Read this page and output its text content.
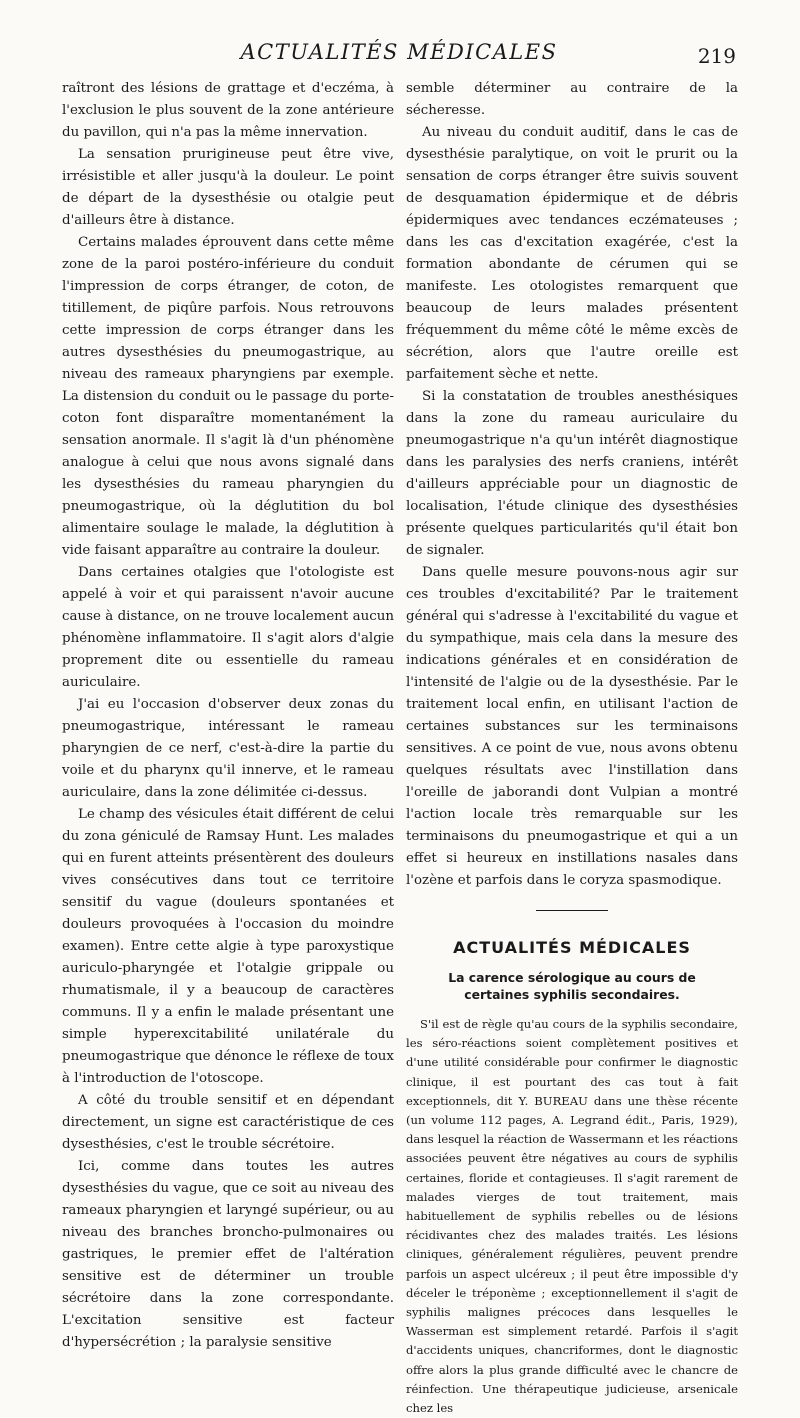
ACTUALITÉS MÉDICALES	219

raîtront des lésions de grattage et d'eczéma, à l'exclusion le plus souvent de la zone antérieure du pavillon, qui n'a pas la même innervation.

La sensation prurigineuse peut être vive, irrésistible et aller jusqu'à la douleur. Le point de départ de la dysesthésie ou otalgie peut d'ailleurs être à distance.

Certains malades éprouvent dans cette même zone de la paroi postéro-inférieure du conduit l'impression de corps étranger, de coton, de titillement, de piqûre parfois. Nous retrouvons cette impression de corps étranger dans les autres dysesthésies du pneumogastrique, au niveau des rameaux pharyngiens par exemple. La distension du conduit ou le passage du porte-coton font disparaître momentanément la sensation anormale. Il s'agit là d'un phénomène analogue à celui que nous avons signalé dans les dysesthésies du rameau pharyngien du pneumogastrique, où la déglutition du bol alimentaire soulage le malade, la déglutition à vide faisant apparaître au contraire la douleur.

Dans certaines otalgies que l'otologiste est appelé à voir et qui paraissent n'avoir aucune cause à distance, on ne trouve localement aucun phénomène inflammatoire. Il s'agit alors d'algie proprement dite ou essentielle du rameau auriculaire.

J'ai eu l'occasion d'observer deux zonas du pneumogastrique, intéressant le rameau pharyngien de ce nerf, c'est-à-dire la partie du voile et du pharynx qu'il innerve, et le rameau auriculaire, dans la zone délimitée ci-dessus.

Le champ des vésicules était différent de celui du zona géniculé de Ramsay Hunt. Les malades qui en furent atteints présentèrent des douleurs vives consécutives dans tout ce territoire sensitif du vague (douleurs spontanées et douleurs provoquées à l'occasion du moindre examen). Entre cette algie à type paroxystique auriculo-pharyngée et l'otalgie grippale ou rhumatismale, il y a beaucoup de caractères communs. Il y a enfin le malade présentant une simple hyperexcitabilité unilatérale du pneumogastrique que dénonce le réflexe de toux à l'introduction de l'otoscope.

A côté du trouble sensitif et en dépendant directement, un signe est caractéristique de ces dysesthésies, c'est le trouble sécrétoire.

Ici, comme dans toutes les autres dysesthésies du vague, que ce soit au niveau des rameaux pharyngien et laryngé supérieur, ou au niveau des branches broncho-pulmonaires ou gastriques, le premier effet de l'altération sensitive est de déterminer un trouble sécrétoire dans la zone correspondante. L'excitation sensitive est facteur d'hypersécrétion ; la paralysie sensitive

semble déterminer au contraire de la sécheresse.

Au niveau du conduit auditif, dans le cas de dysesthésie paralytique, on voit le prurit ou la sensation de corps étranger être suivis souvent de desquamation épidermique et de débris épidermiques avec tendances eczémateuses ; dans les cas d'excitation exagérée, c'est la formation abondante de cérumen qui se manifeste. Les otologistes remarquent que beaucoup de leurs malades présentent fréquemment du même côté le même excès de sécrétion, alors que l'autre oreille est parfaitement sèche et nette.

Si la constatation de troubles anesthésiques dans la zone du rameau auriculaire du pneumogastrique n'a qu'un intérêt diagnostique dans les paralysies des nerfs craniens, intérêt d'ailleurs appréciable pour un diagnostic de localisation, l'étude clinique des dysesthésies présente quelques particularités qu'il était bon de signaler.

Dans quelle mesure pouvons-nous agir sur ces troubles d'excitabilité? Par le traitement général qui s'adresse à l'excitabilité du vague et du sympathique, mais cela dans la mesure des indications générales et en considération de l'intensité de l'algie ou de la dysesthésie. Par le traitement local enfin, en utilisant l'action de certaines substances sur les terminaisons sensitives. A ce point de vue, nous avons obtenu quelques résultats avec l'instillation dans l'oreille de jaborandi dont Vulpian a montré l'action locale très remarquable sur les terminaisons du pneumogastrique et qui a un effet si heureux en instillations nasales dans l'ozène et parfois dans le coryza spasmodique.

ACTUALITÉS MÉDICALES
La carence sérologique au cours de certaines syphilis secondaires.

S'il est de règle qu'au cours de la syphilis secondaire, les séro-réactions soient complètement positives et d'une utilité considérable pour confirmer le diagnostic clinique, il est pourtant des cas tout à fait exceptionnels, dit Y. BUREAU dans une thèse récente (un volume 112 pages, A. Legrand édit., Paris, 1929), dans lesquel la réaction de Wassermann et les réactions associées peuvent être négatives au cours de syphilis certaines, floride et contagieuses. Il s'agit rarement de malades vierges de tout traitement, mais habituellement de syphilis rebelles ou de lésions récidivantes chez des malades traités. Les lésions cliniques, généralement régulières, peuvent prendre parfois un aspect ulcéreux ; il peut être impossible d'y déceler le tréponème ; exceptionnellement il s'agit de syphilis malignes précoces dans lesquelles le Wasserman est simplement retardé. Parfois il s'agit d'accidents uniques, chancriformes, dont le diagnostic offre alors la plus grande difficulté avec le chancre de réinfection. Une thérapeutique judicieuse, arsenicale chez les
